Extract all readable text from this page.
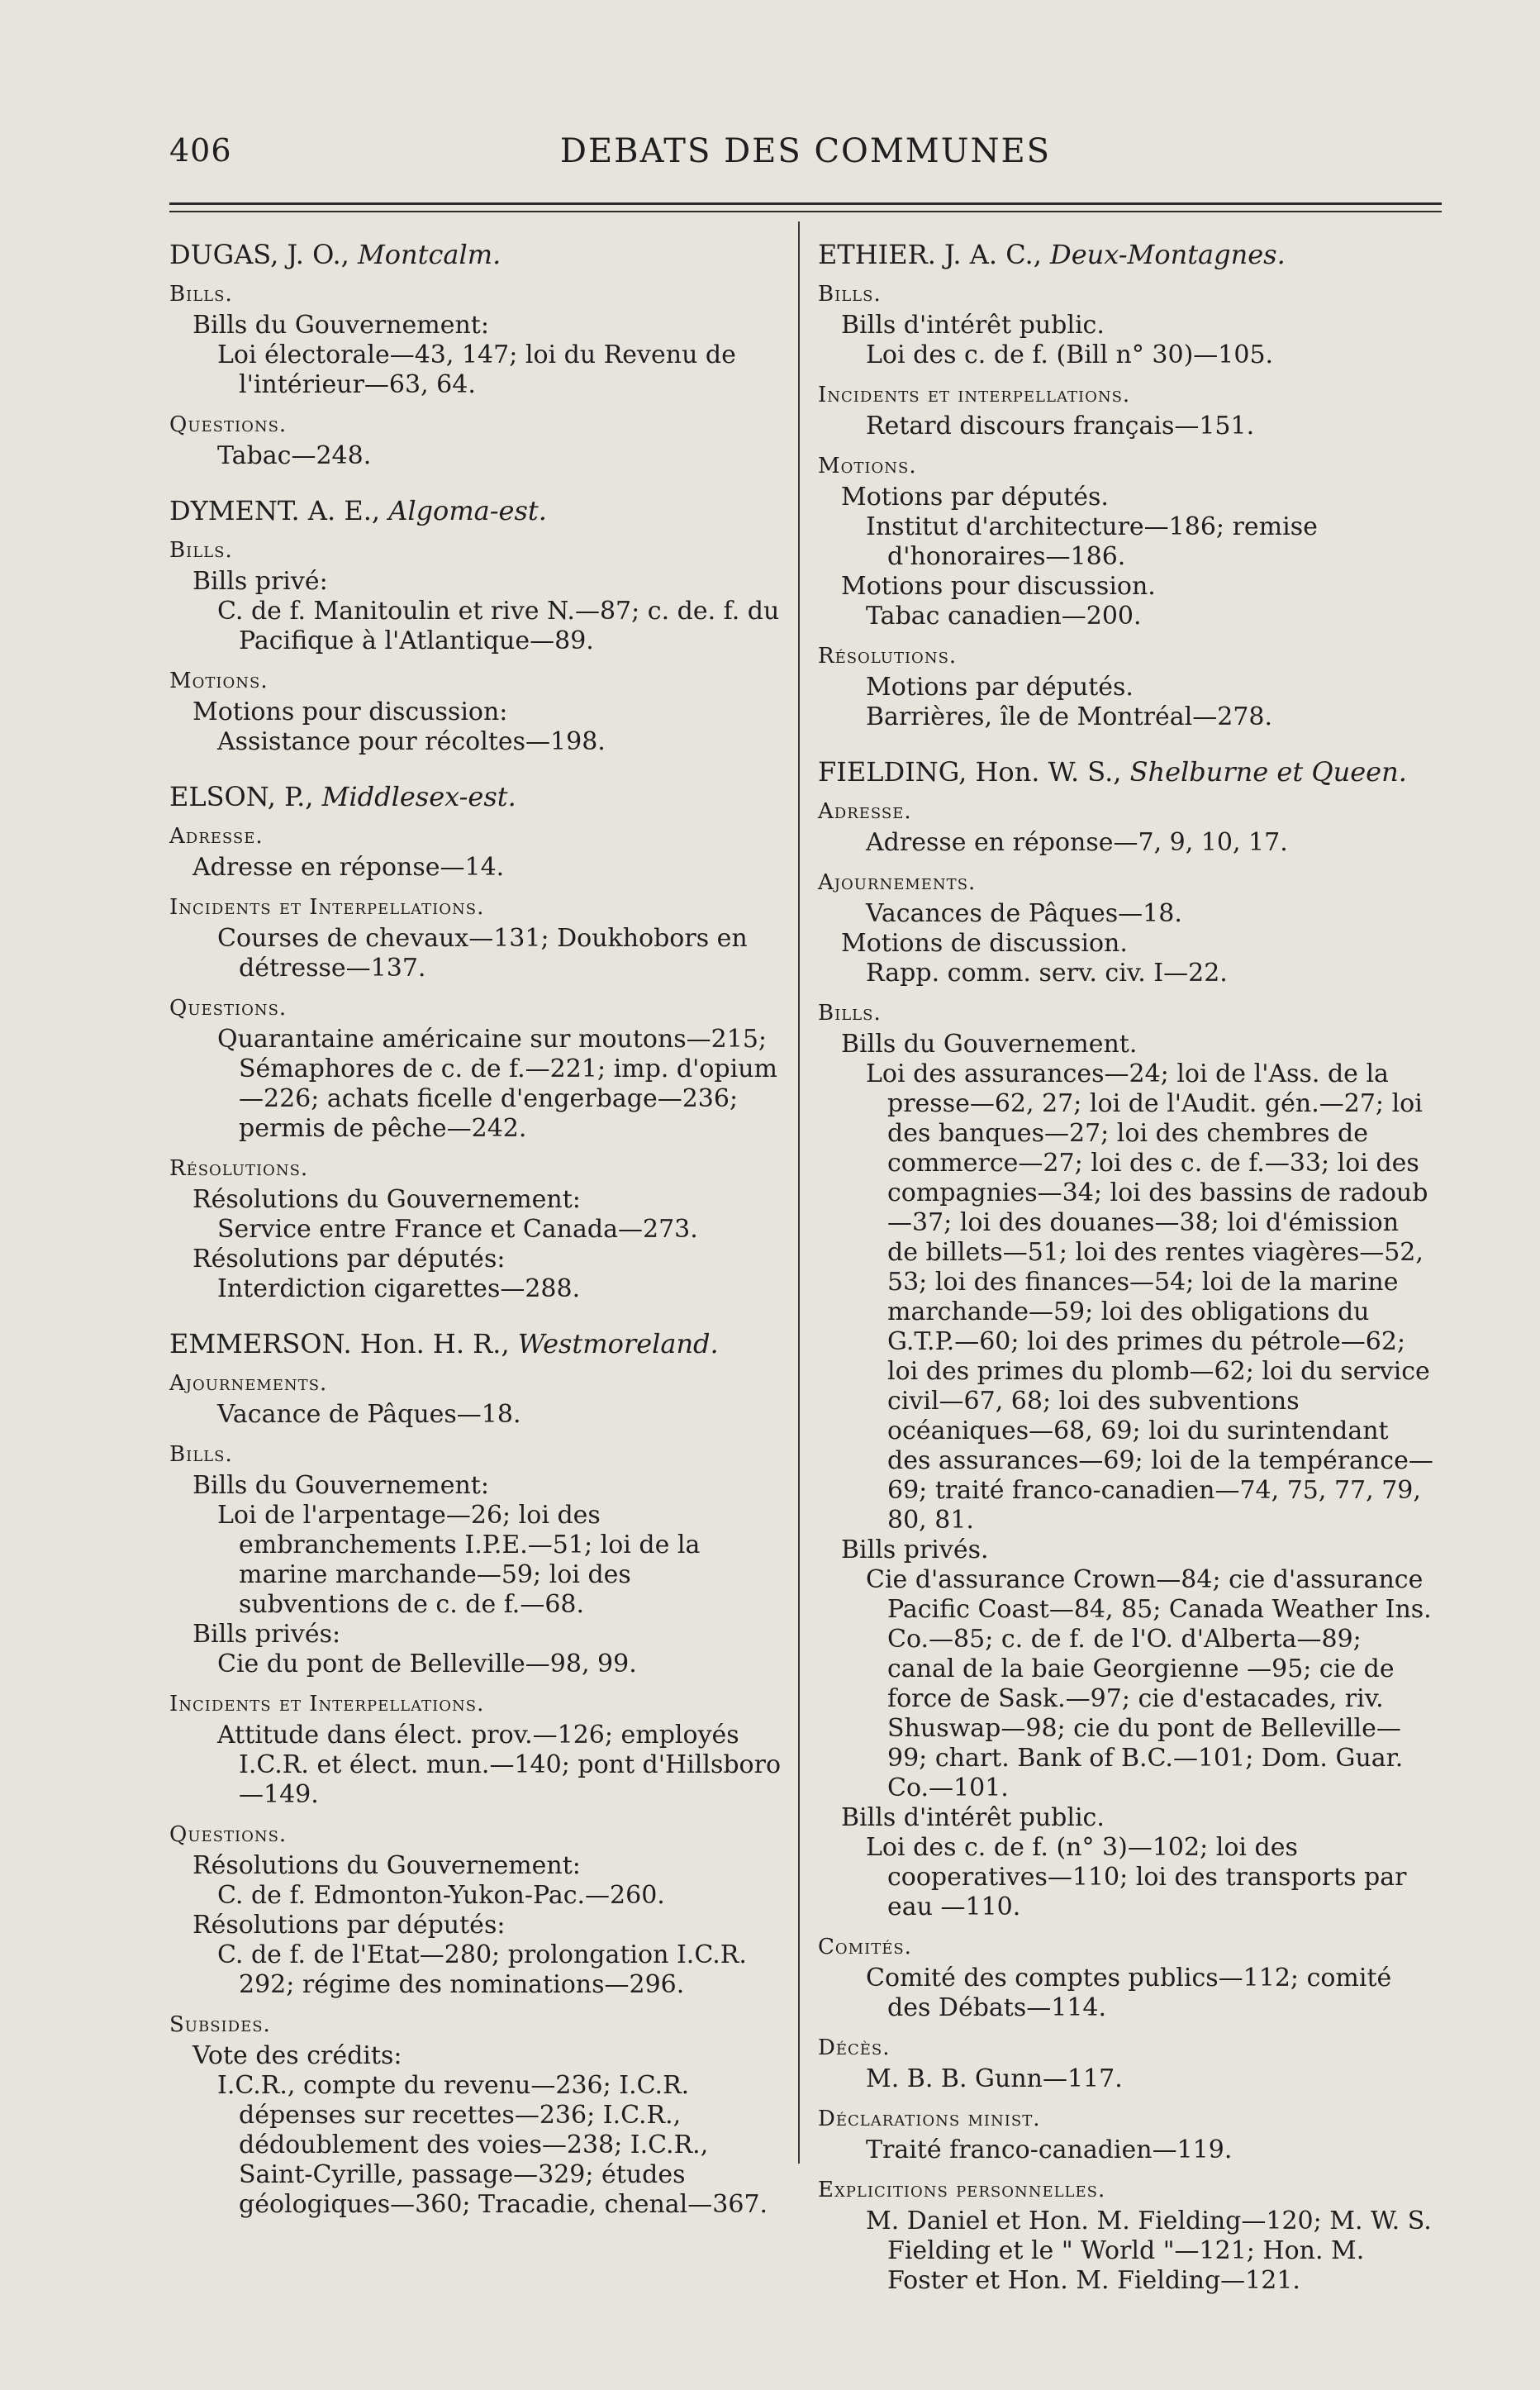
406	DEBATS DES COMMUNES
DUGAS, J. O., Montcalm.
Bills.
Bills du Gouvernement:
Loi électorale—43, 147; loi du Revenu de l'intérieur—63, 64.
Questions.
Tabac—248.
DYMENT. A. E., Algoma-est.
Bills.
Bills privé:
C. de f. Manitoulin et rive N.—87; c. de. f. du Pacifique à l'Atlantique—89.
Motions.
Motions pour discussion:
Assistance pour récoltes—198.
ELSON, P., Middlesex-est.
Adresse.
Adresse en réponse—14.
Incidents et Interpellations.
Courses de chevaux—131; Doukhobors en détresse—137.
Questions.
Quarantaine américaine sur moutons—215; Sémaphores de c. de f.—221; imp. d'opium —226; achats ficelle d'engerbage—236; permis de pêche—242.
Résolutions.
Résolutions du Gouvernement:
Service entre France et Canada—273.
Résolutions par députés:
Interdiction cigarettes—288.
EMMERSON. Hon. H. R., Westmoreland.
Ajournements.
Vacance de Pâques—18.
Bills.
Bills du Gouvernement:
Loi de l'arpentage—26; loi des embranchements I.P.E.—51; loi de la marine marchande—59; loi des subventions de c. de f.—68.
Bills privés:
Cie du pont de Belleville—98, 99.
Incidents et Interpellations.
Attitude dans élect. prov.—126; employés I.C.R. et élect. mun.—140; pont d'Hillsboro—149.
Questions.
Résolutions du Gouvernement:
C. de f. Edmonton-Yukon-Pac.—260.
Résolutions par députés:
C. de f. de l'Etat—280; prolongation I.C.R. 292; régime des nominations—296.
Subsides.
Vote des crédits:
I.C.R., compte du revenu—236; I.C.R. dépenses sur recettes—236; I.C.R., dédoublement des voies—238; I.C.R., Saint-Cyrille, passage—329; études géologiques—360; Tracadie, chenal—367.
ETHIER. J. A. C., Deux-Montagnes.
Bills.
Bills d'intérêt public.
Loi des c. de f. (Bill n° 30)—105.
Incidents et interpellations.
Retard discours français—151.
Motions.
Motions par députés.
Institut d'architecture—186; remise d'honoraires—186.
Motions pour discussion.
Tabac canadien—200.
Résolutions.
Motions par députés.
Barrières, île de Montréal—278.
FIELDING, Hon. W. S., Shelburne et Queen.
Adresse.
Adresse en réponse—7, 9, 10, 17.
Ajournements.
Vacances de Pâques—18.
Motions de discussion.
Rapp. comm. serv. civ. I—22.
Bills.
Bills du Gouvernement.
Loi des assurances—24; loi de l'Ass. de la presse—62, 27; loi de l'Audit. gén.—27; loi des banques—27; loi des chembres de commerce—27; loi des c. de f.—33; loi des compagnies—34; loi des bassins de radoub—37; loi des douanes—38; loi d'émission de billets—51; loi des rentes viagères—52, 53; loi des finances—54; loi de la marine marchande—59; loi des obligations du G.T.P.—60; loi des primes du pétrole—62; loi des primes du plomb—62; loi du service civil—67, 68; loi des subventions océaniques—68, 69; loi du surintendant des assurances—69; loi de la tempérance—69; traité franco-canadien—74, 75, 77, 79, 80, 81.
Bills privés.
Cie d'assurance Crown—84; cie d'assurance Pacific Coast—84, 85; Canada Weather Ins. Co.—85; c. de f. de l'O. d'Alberta—89; canal de la baie Georgienne —95; cie de force de Sask.—97; cie d'estacades, riv. Shuswap—98; cie du pont de Belleville—99; chart. Bank of B.C.—101; Dom. Guar. Co.—101.
Bills d'intérêt public.
Loi des c. de f. (n° 3)—102; loi des cooperatives—110; loi des transports par eau —110.
Comités.
Comité des comptes publics—112; comité des Débats—114.
Décès.
M. B. B. Gunn—117.
Déclarations minist.
Traité franco-canadien—119.
Explicitions personnelles.
M. Daniel et Hon. M. Fielding—120; M. W. S. Fielding et le " World "—121; Hon. M. Foster et Hon. M. Fielding—121.
